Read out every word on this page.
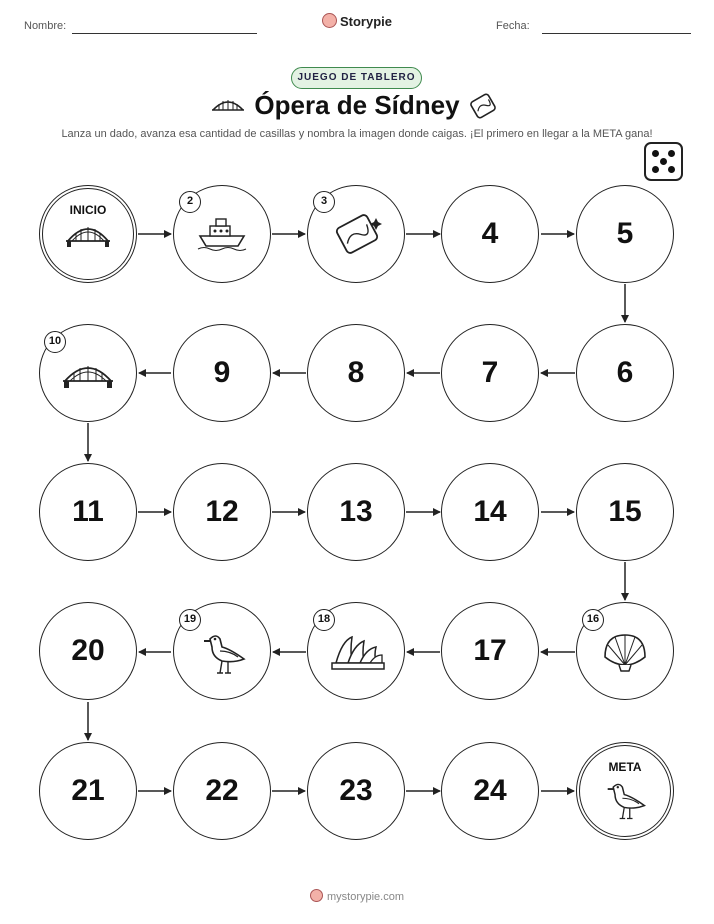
Nombre:	Storypie	Fecha:
JUEGO DE TABLERO
Ópera de Sídney
Lanza un dado, avanza esa cantidad de casillas y nombra la imagen donde caigas. ¡El primero en llegar a la META gana!
INICIO
4	5
9	8	7	6
11	12	13	14	15
20	17
21	22	23	24
META
2	3
10
19	18	16
mystorypie.com
